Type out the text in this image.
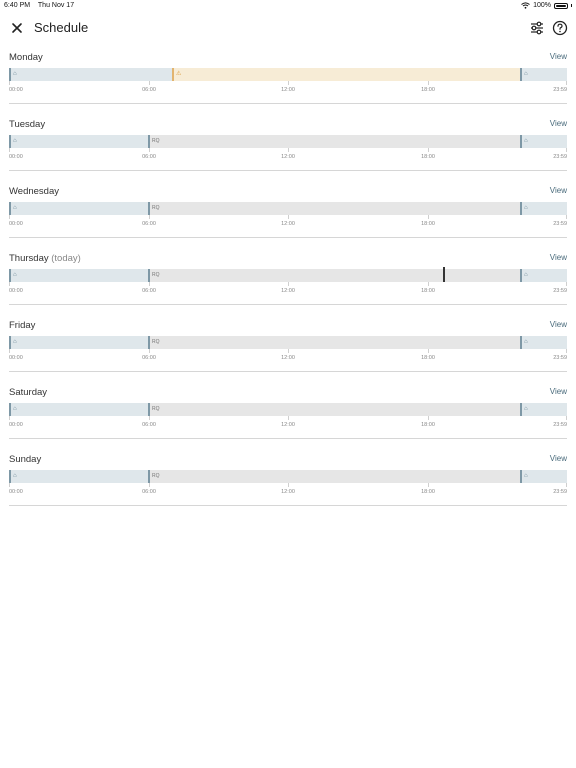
6:40 PM Thu Nov 17	100%
Schedule
Monday	View
⌂	⚠	⌂
00:00	06:00	12:00	18:00	23:59
Tuesday	View
⌂	RQ	⌂
00:00	06:00	12:00	18:00	23:59
Wednesday	View
⌂	RQ	⌂
00:00	06:00	12:00	18:00	23:59
Thursday (today)	View
⌂	RQ	⌂
00:00	06:00	12:00	18:00	23:59
Friday	View
⌂	RQ	⌂
00:00	06:00	12:00	18:00	23:59
Saturday	View
⌂	RQ	⌂
00:00	06:00	12:00	18:00	23:59
Sunday	View
⌂	RQ	⌂
00:00	06:00	12:00	18:00	23:59
